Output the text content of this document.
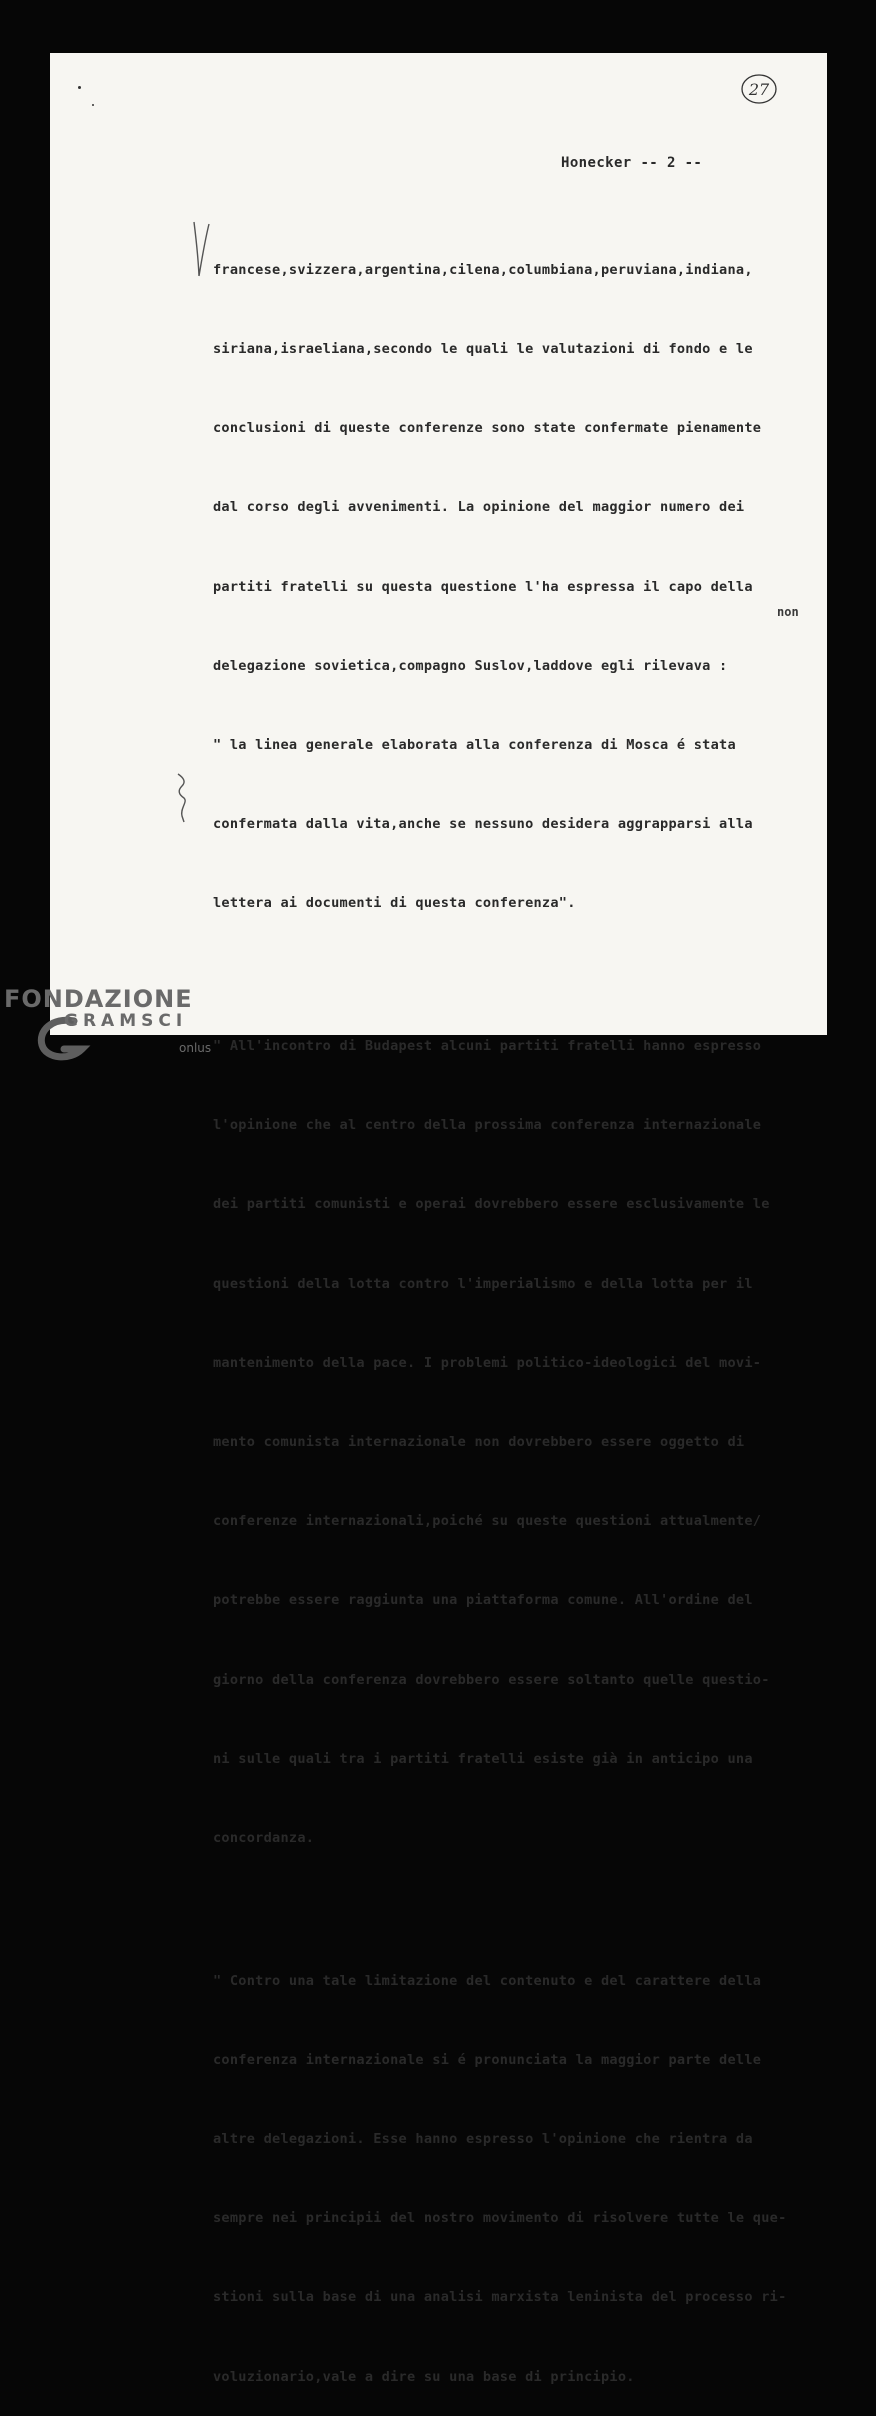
27
Honecker -- 2 --
non

francese,svizzera,argentina,cilena,columbiana,peruviana,indiana,

siriana,israeliana,secondo le quali le valutazioni di fondo e le

conclusioni di queste conferenze sono state confermate pienamente

dal corso degli avvenimenti. La opinione del maggior numero dei

partiti fratelli su questa questione l'ha espressa il capo della

delegazione sovietica,compagno Suslov,laddove egli rilevava :

" la linea generale elaborata alla conferenza di Mosca é stata

confermata dalla vita,anche se nessuno desidera aggrapparsi alla

lettera ai documenti di questa conferenza".

" All'incontro di Budapest alcuni partiti fratelli hanno espresso

l'opinione che al centro della prossima conferenza internazionale

dei partiti comunisti e operai dovrebbero essere esclusivamente le

questioni della lotta contro l'imperialismo e della lotta per il

mantenimento della pace. I problemi politico-ideologici del movi-

mento comunista internazionale non dovrebbero essere oggetto di

conferenze internazionali,poiché su queste questioni attualmente/

potrebbe essere raggiunta una piattaforma comune. All'ordine del

giorno della conferenza dovrebbero essere soltanto quelle questio-

ni sulle quali tra i partiti fratelli esiste già in anticipo una

concordanza.

" Contro una tale limitazione del contenuto e del carattere della

conferenza internazionale si é pronunciata la maggior parte delle

altre delegazioni. Esse hanno espresso l'opinione che rientra da

sempre nei principii del nostro movimento di risolvere tutte le que-

stioni sulla base di una analisi marxista leninista del processo ri-

voluzionario,vale a dire su una base di principio.

FONDAZIONE
GRAMSCI
onlus
